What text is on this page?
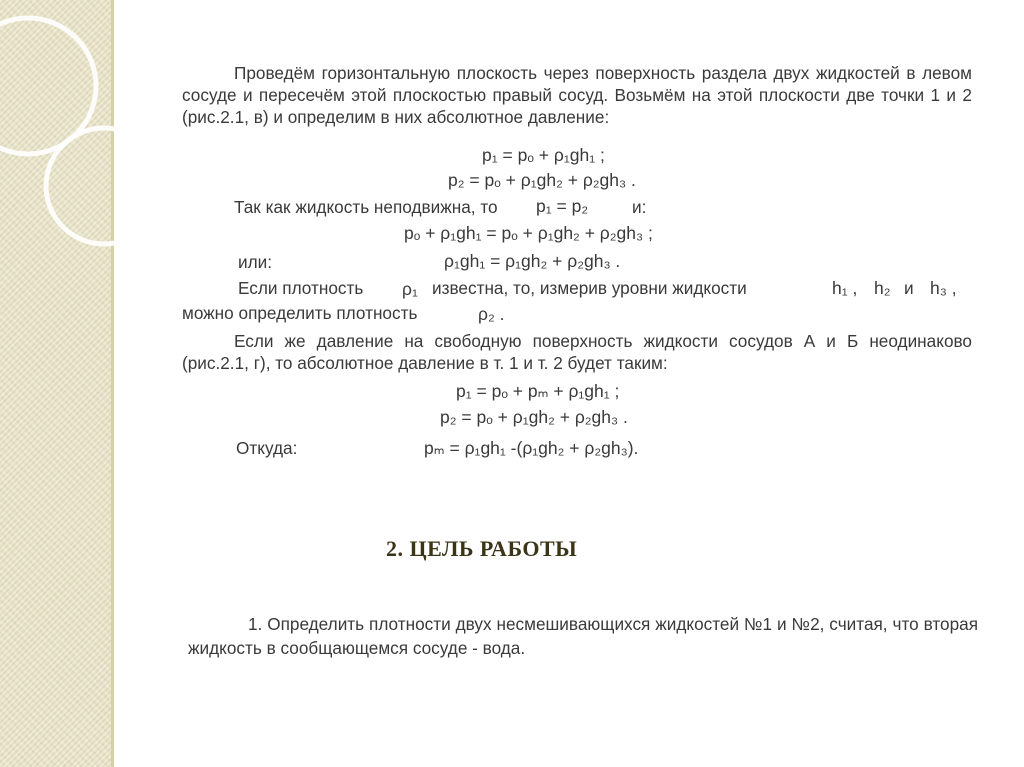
Проведём горизонтальную плоскость через поверхность раздела двух жидкостей в левом сосуде и пересечём этой плоскостью правый сосуд. Возьмём на этой плоскости две точки 1 и 2 (рис.2.1, в) и определим в них абсолютное давление:

p₁ = pₒ + ρ₁gh₁ ;
p₂ = pₒ + ρ₁gh₂ + ρ₂gh₃ .
Так как жидкость неподвижна, то p₁ = p₂	и:
pₒ + ρ₁gh₁ = pₒ + ρ₁gh₂ + ρ₂gh₃ ;
или:	ρ₁gh₁ = ρ₁gh₂ + ρ₂gh₃ .
Если плотность ρ₁ известна, то, измерив уровни жидкости	h₁ , h₂ и h₃ ,
можно определить плотность	ρ₂ .

Если же давление на свободную поверхность жидкости сосудов А и Б неодинаково (рис.2.1, г), то абсолютное давление в т. 1 и т. 2 будет таким:

p₁ = pₒ + pₘ + ρ₁gh₁ ;
p₂ = pₒ + ρ₁gh₂ + ρ₂gh₃ .
Откуда:	pₘ = ρ₁gh₁ -(ρ₁gh₂ + ρ₂gh₃).
2. ЦЕЛЬ РАБОТЫ

1. Определить плотности двух несмешивающихся жидкостей №1 и №2, считая, что вторая жидкость в сообщающемся сосуде - вода.
